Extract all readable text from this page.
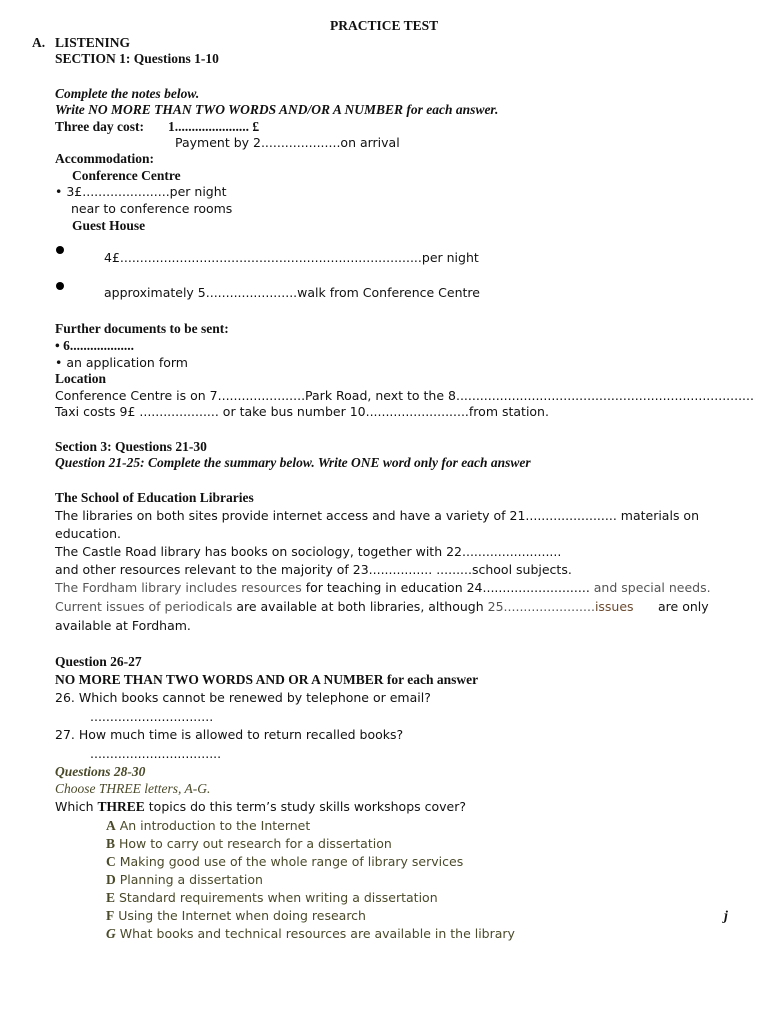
PRACTICE TEST
A. LISTENING
SECTION 1: Questions 1-10
Complete the notes below.
Write NO MORE THAN TWO WORDS AND/OR A NUMBER for each answer.
Three day cost: 1...................... £
Payment by 2....................on arrival
Accommodation:
Conference Centre
• 3£......................per night
near to conference rooms
Guest House
4£............................................................................per night
approximately 5.......................walk from Conference Centre
Further documents to be sent:
• 6...................
• an application form
Location
Conference Centre is on 7......................Park Road, next to the 8...........................................................................
Taxi costs 9£ .................... or take bus number 10..........................from station.
Section 3: Questions 21-30
Question 21-25: Complete the summary below. Write ONE word only for each answer
The School of Education Libraries
The libraries on both sites provide internet access and have a variety of 21....................... materials on
education.
The Castle Road library has books on sociology, together with 22.........................
and other resources relevant to the majority of 23................ .........school subjects.
The Fordham library includes resources for teaching in education 24........................... and special needs.
Current issues of periodicals are available at both libraries, although 25.......................issues are only
available at Fordham.
Question 26-27
NO MORE THAN TWO WORDS AND OR A NUMBER for each answer
26. Which books cannot be renewed by telephone or email?
...............................
27. How much time is allowed to return recalled books?
.................................
Questions 28-30
Choose THREE letters, A-G.
Which THREE topics do this term’s study skills workshops cover?
A An introduction to the Internet
B How to carry out research for a dissertation
C Making good use of the whole range of library services
D Planning a dissertation
E Standard requirements when writing a dissertation
F Using the Internet when doing research
G What books and technical resources are available in the library
j
